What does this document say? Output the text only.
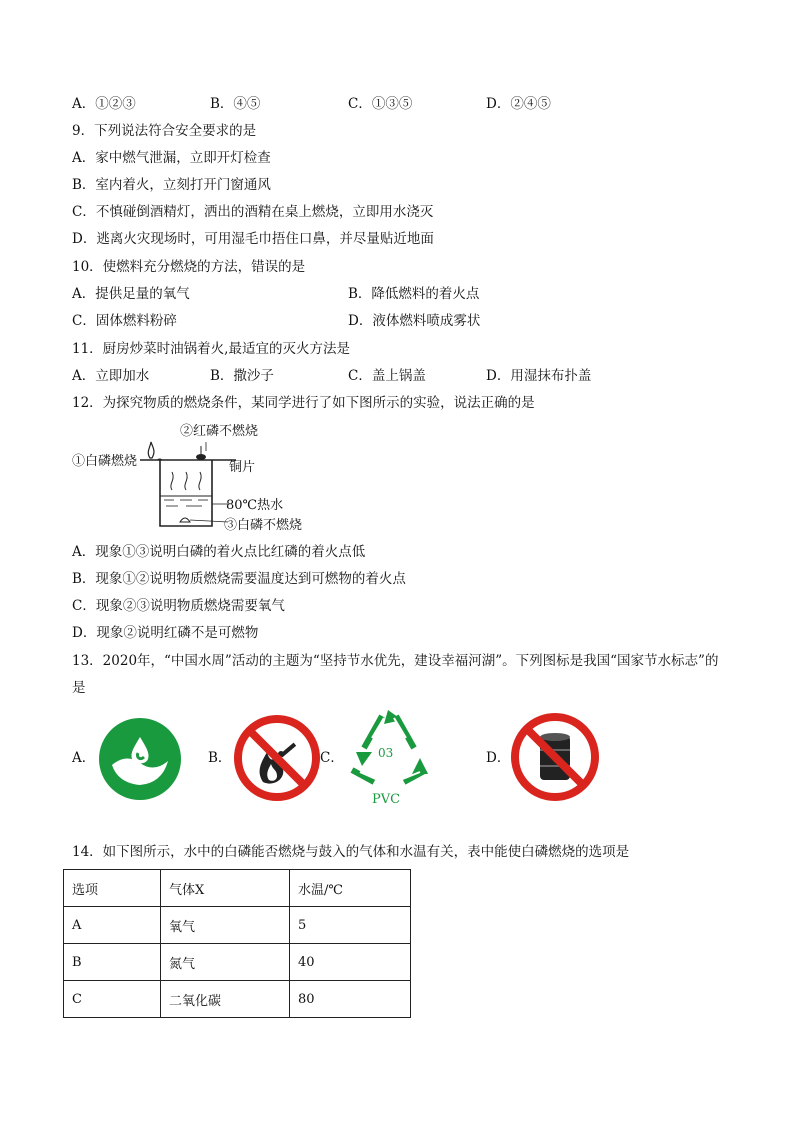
A．①②③	B．④⑤	C．①③⑤	D．②④⑤
9．下列说法符合安全要求的是
A．家中燃气泄漏，立即开灯检查
B．室内着火，立刻打开门窗通风
C．不慎碰倒酒精灯，洒出的酒精在桌上燃烧，立即用水浇灭
D．逃离火灾现场时，可用湿毛巾捂住口鼻，并尽量贴近地面
10．使燃料充分燃烧的方法，错误的是
A．提供足量的氧气	B．降低燃料的着火点
C．固体燃料粉碎	D．液体燃料喷成雾状
11．厨房炒菜时油锅着火,最适宜的灭火方法是
A．立即加水	B．撒沙子	C．盖上锅盖	D．用湿抹布扑盖
12．为探究物质的燃烧条件，某同学进行了如下图所示的实验，说法正确的是
②红磷不燃烧
①白磷燃烧	铜片
80℃热水
③白磷不燃烧
A．现象①③说明白磷的着火点比红磷的着火点低
B．现象①②说明物质燃烧需要温度达到可燃物的着火点
C．现象②③说明物质燃烧需要氧气
D．现象②说明红磷不是可燃物
13．2020年，“中国水周”活动的主题为“坚持节水优先，建设幸福河湖”。下列图标是我国“国家节水标志”的
是
A．	B．	C．	03
PVC
D．
14．如下图所示，水中的白磷能否燃烧与鼓入的气体和水温有关，表中能使白磷燃烧的选项是
选项	气体X	水温/℃
A	氧气	5
B	氮气	40
C	二氧化碳	80
